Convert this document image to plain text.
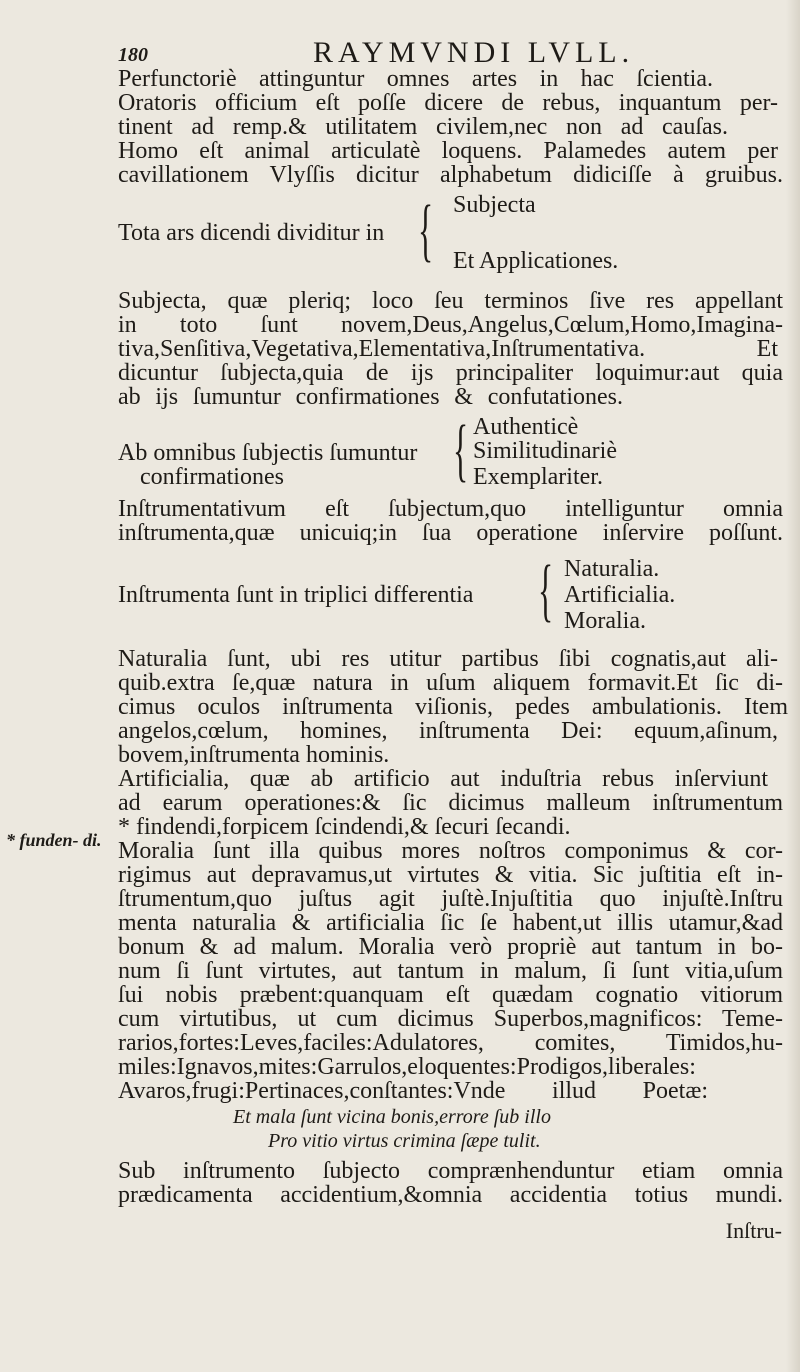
180	RAYMVNDI LVLL.
Perfunctoriè attinguntur omnes artes in hac ſcientia.
Oratoris officium eſt poſſe dicere de rebus, inquantum per-
tinent ad remp.& utilitatem civilem,nec non ad cauſas.
Homo eſt animal articulatè loquens. Palamedes autem per
cavillationem Vlyſſis dicitur alphabetum didiciſſe à gruibus.
Tota ars dicendi dividitur in { Subjecta
Et Applicationes.
Subjecta, quæ pleriq; loco ſeu terminos ſive res appellant
in toto ſunt novem,Deus,Angelus,Cœlum,Homo,Imagina-
tiva,Senſitiva,Vegetativa,Elementativa,Inſtrumentativa. Et
dicuntur ſubjecta,quia de ijs principaliter loquimur:aut quia
ab ijs ſumuntur confirmationes & confutationes.
Ab omnibus ſubjectis ſumuntur
confirmationes { Authenticè
Similitudinariè
Exemplariter.
Inſtrumentativum eſt ſubjectum,quo intelliguntur omnia
inſtrumenta,quæ unicuiq;in ſua operatione inſervire poſſunt.
Inſtrumenta ſunt in triplici differentia { Naturalia.
Artificialia.
Moralia.
Naturalia ſunt, ubi res utitur partibus ſibi cognatis,aut ali-
quib.extra ſe,quæ natura in uſum aliquem formavit.Et ſic di-
cimus oculos inſtrumenta viſionis, pedes ambulationis. Item
angelos,cœlum, homines, inſtrumenta Dei: equum,aſinum,
bovem,inſtrumenta hominis.
Artificialia, quæ ab artificio aut induſtria rebus inſerviunt
ad earum operationes:& ſic dicimus malleum inſtrumentum
* findendi,forpicem ſcindendi,& ſecuri ſecandi.
Moralia ſunt illa quibus mores noſtros componimus & cor-
rigimus aut depravamus,ut virtutes & vitia. Sic juſtitia eſt in-
ſtrumentum,quo juſtus agit juſtè.Injuſtitia quo injuſtè.Inſtru
menta naturalia & artificialia ſic ſe habent,ut illis utamur,&ad
bonum & ad malum. Moralia verò propriè aut tantum in bo-
num ſi ſunt virtutes, aut tantum in malum, ſi ſunt vitia,uſum
ſui nobis præbent:quanquam eſt quædam cognatio vitiorum
cum virtutibus, ut cum dicimus Superbos,magnificos: Teme-
rarios,fortes:Leves,faciles:Adulatores, comites, Timidos,hu-
miles:Ignavos,mites:Garrulos,eloquentes:Prodigos,liberales:
Avaros,frugi:Pertinaces,conſtantes:Vnde illud Poetæ:
Et mala ſunt vicina bonis,errore ſub illo
Pro vitio virtus crimina ſæpe tulit.
Sub inſtrumento ſubjecto comprænhenduntur etiam omnia
prædicamenta accidentium,&omnia accidentia totius mundi.
* funden- di.
Inſtru-
